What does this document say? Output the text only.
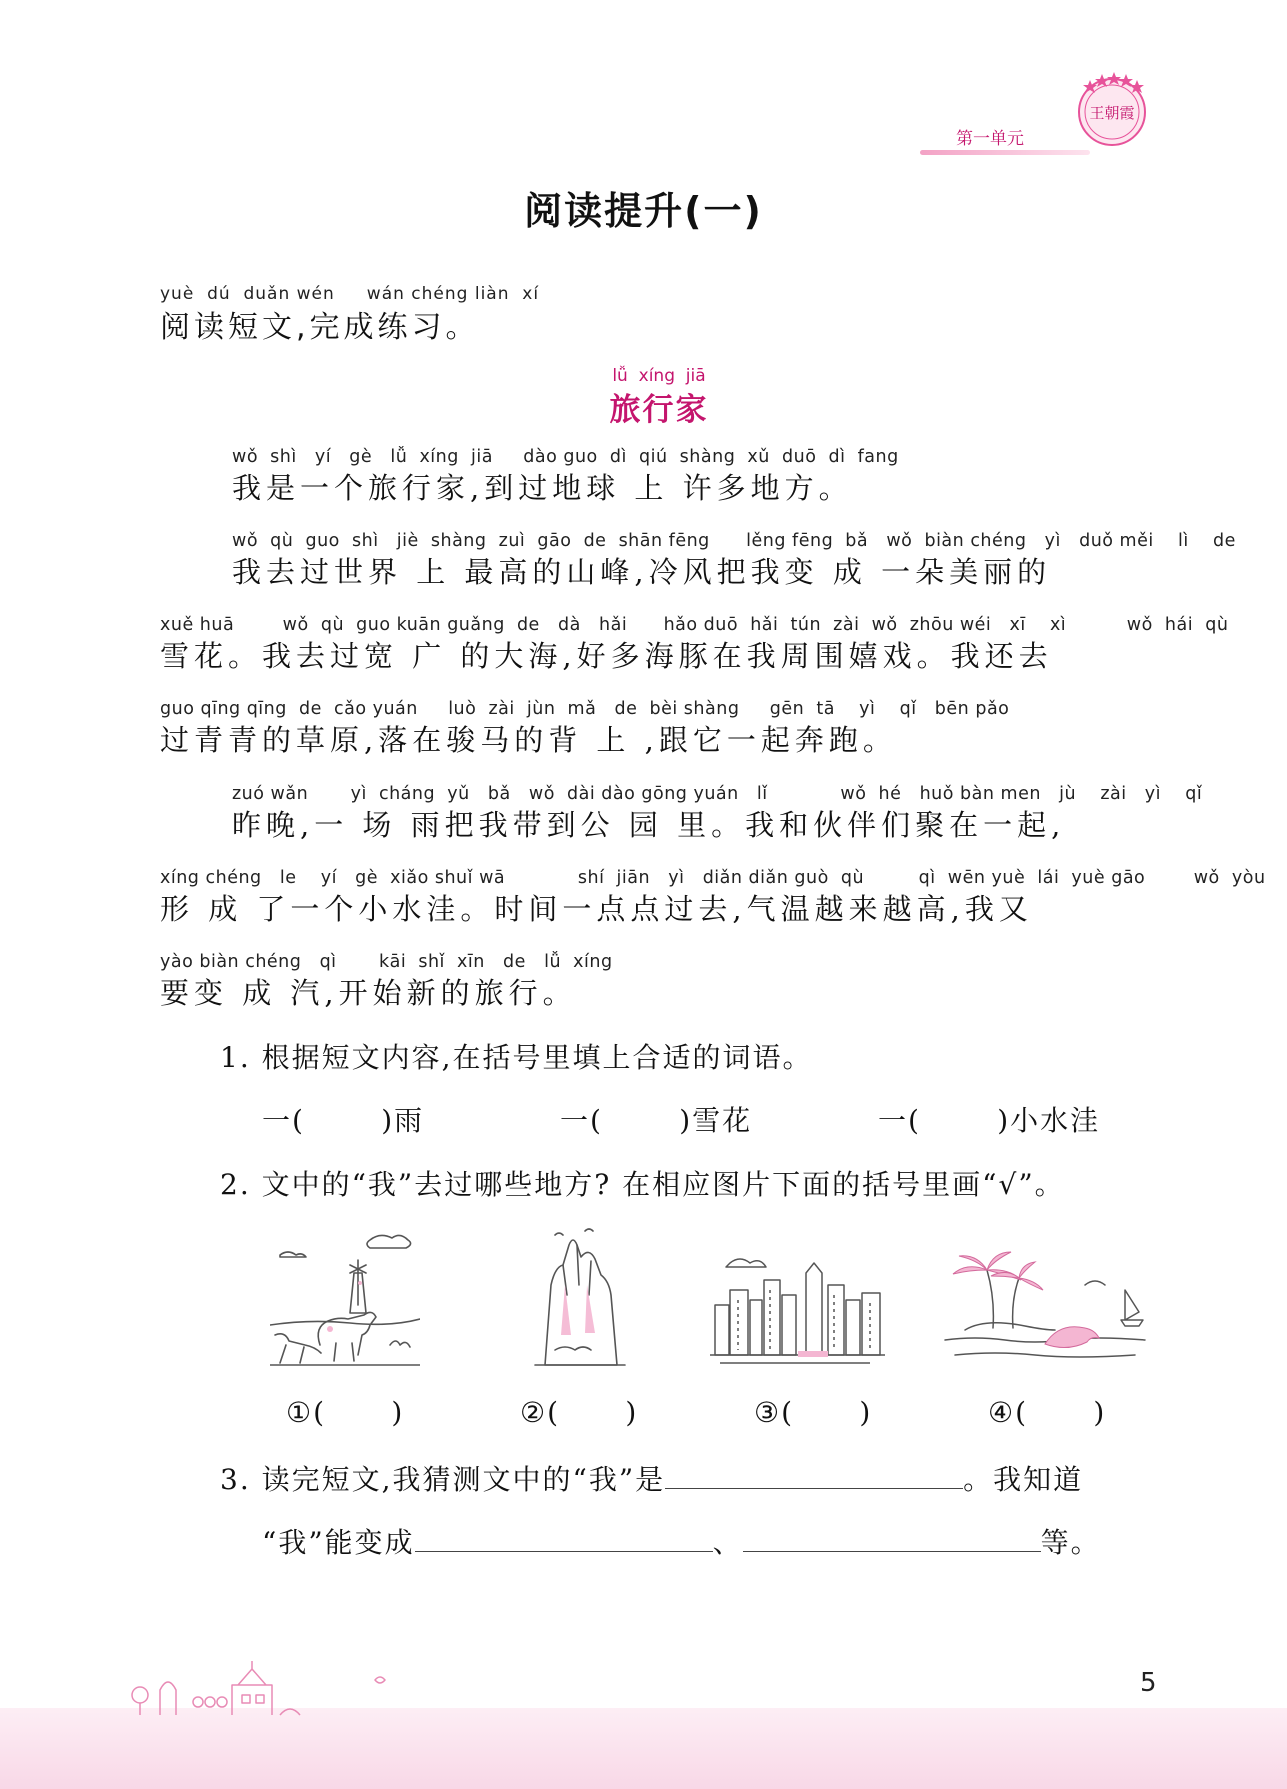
第一单元
王朝霞
阅读提升(一)
yuè  dú  duǎn wén     wán chéng liàn  xí
阅读短文,完成练习。
lǚ  xíng  jiā
旅行家
wǒ  shì   yí   gè   lǚ  xíng  jiā     dào guo  dì  qiú  shàng  xǔ  duō  dì  fang
我是一个旅行家,到过地球 上 许多地方。
wǒ  qù  guo  shì   jiè  shàng  zuì  gāo  de  shān fēng      lěng fēng  bǎ   wǒ  biàn chéng   yì   duǒ měi    lì    de
我去过世界 上 最高的山峰,冷风把我变 成 一朵美丽的
xuě huā        wǒ  qù  guo kuān guǎng  de   dà   hǎi      hǎo duō  hǎi  tún  zài  wǒ  zhōu wéi   xī    xì          wǒ  hái  qù
雪花。我去过宽 广 的大海,好多海豚在我周围嬉戏。我还去
guo qīng qīng  de  cǎo yuán     luò  zài  jùn  mǎ   de  bèi shàng     gēn  tā    yì    qǐ   bēn pǎo
过青青的草原,落在骏马的背 上 ,跟它一起奔跑。
zuó wǎn       yì  cháng  yǔ   bǎ   wǒ  dài dào gōng yuán   lǐ            wǒ  hé   huǒ bàn men   jù    zài   yì    qǐ
昨晚,一 场 雨把我带到公 园 里。我和伙伴们聚在一起,
xíng chéng   le    yí   gè  xiǎo shuǐ wā            shí  jiān   yì   diǎn diǎn guò  qù         qì  wēn yuè  lái  yuè gāo        wǒ  yòu
形 成 了一个小水洼。时间一点点过去,气温越来越高,我又
yào biàn chéng   qì       kāi  shǐ  xīn   de   lǚ  xíng
要变 成 汽,开始新的旅行。
1. 根据短文内容,在括号里填上合适的词语。
一(       )雨	一(       )雪花	一(       )小水洼
2. 文中的“我”去过哪些地方? 在相应图片下面的括号里画“√”。
①(      )	②(      )	③(      )	④(      )
3. 读完短文,我猜测文中的“我”是	。我知道
“我”能变成	、	等。
5
